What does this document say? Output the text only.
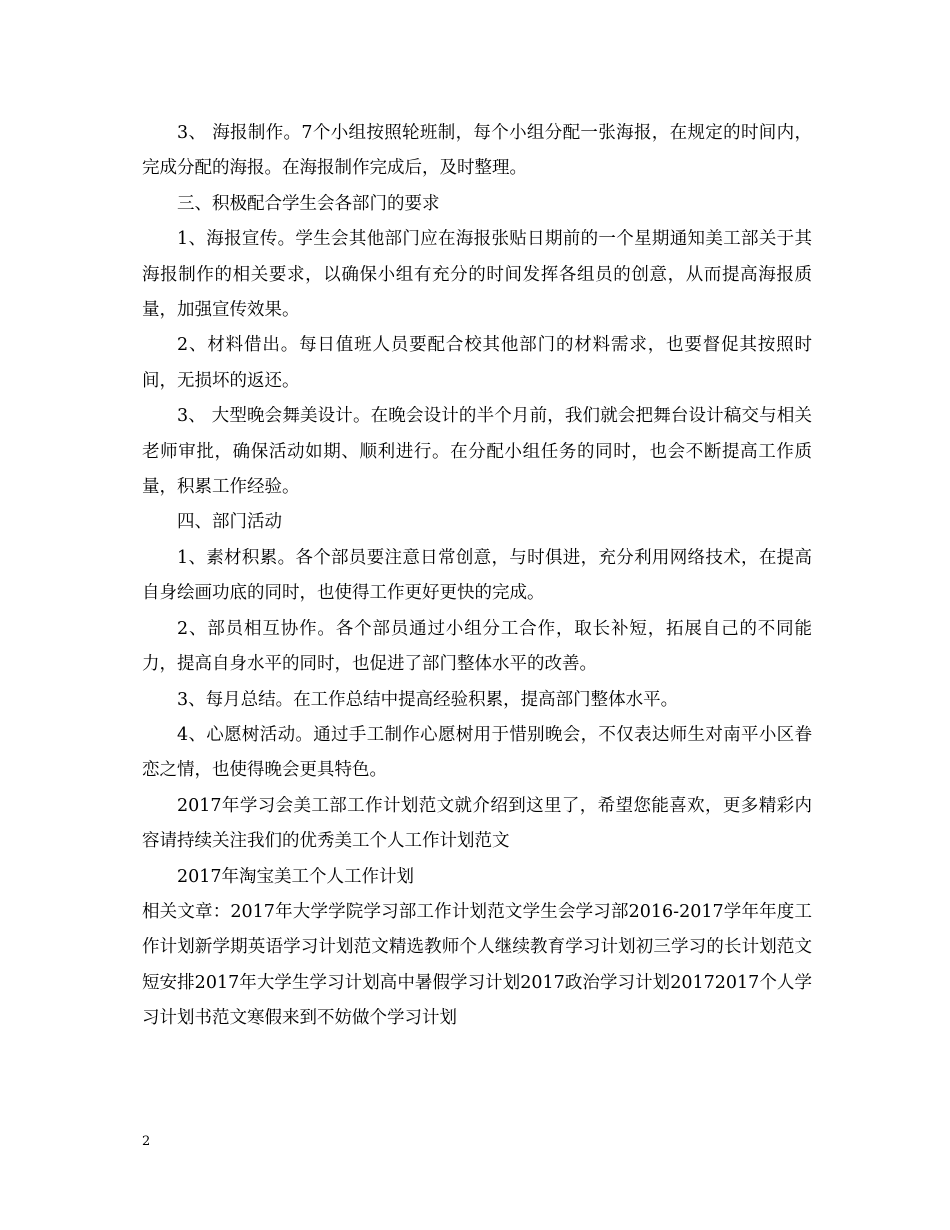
3、 海报制作。7个小组按照轮班制，每个小组分配一张海报，在规定的时间内，完成分配的海报。在海报制作完成后，及时整理。

三、积极配合学生会各部门的要求

1、海报宣传。学生会其他部门应在海报张贴日期前的一个星期通知美工部关于其海报制作的相关要求，以确保小组有充分的时间发挥各组员的创意，从而提高海报质量，加强宣传效果。

2、材料借出。每日值班人员要配合校其他部门的材料需求，也要督促其按照时间，无损坏的返还。

3、 大型晚会舞美设计。在晚会设计的半个月前，我们就会把舞台设计稿交与相关老师审批，确保活动如期、顺利进行。在分配小组任务的同时，也会不断提高工作质量，积累工作经验。

四、部门活动

1、素材积累。各个部员要注意日常创意，与时俱进，充分利用网络技术，在提高自身绘画功底的同时，也使得工作更好更快的完成。

2、部员相互协作。各个部员通过小组分工合作，取长补短，拓展自己的不同能力，提高自身水平的同时，也促进了部门整体水平的改善。

3、每月总结。在工作总结中提高经验积累，提高部门整体水平。

4、心愿树活动。通过手工制作心愿树用于惜别晚会，不仅表达师生对南平小区眷恋之情，也使得晚会更具特色。

2017年学习会美工部工作计划范文就介绍到这里了，希望您能喜欢，更多精彩内容请持续关注我们的优秀美工个人工作计划范文

2017年淘宝美工个人工作计划

相关文章：2017年大学学院学习部工作计划范文学生会学习部2016-2017学年年度工作计划新学期英语学习计划范文精选教师个人继续教育学习计划初三学习的长计划范文短安排2017年大学生学习计划高中暑假学习计划2017政治学习计划20172017个人学习计划书范文寒假来到不妨做个学习计划

2
